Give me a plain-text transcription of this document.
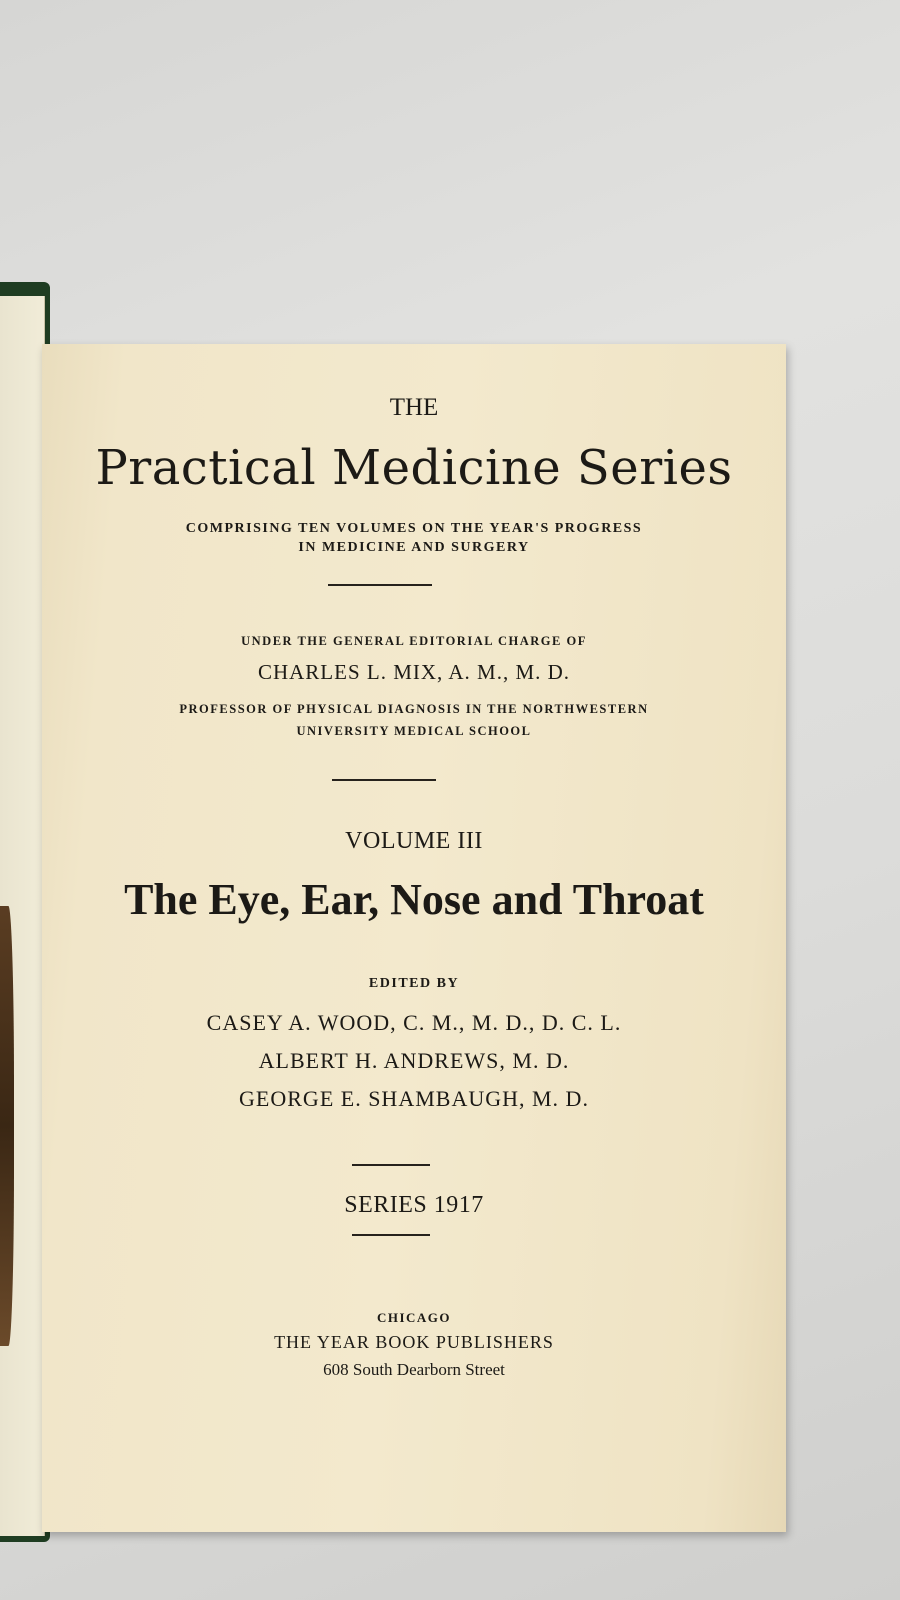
THE

Practical Medicine Series

COMPRISING TEN VOLUMES ON THE YEAR'S PROGRESS
IN MEDICINE AND SURGERY

UNDER THE GENERAL EDITORIAL CHARGE OF

CHARLES L. MIX, A. M., M. D.

PROFESSOR OF PHYSICAL DIAGNOSIS IN THE NORTHWESTERN
UNIVERSITY MEDICAL SCHOOL

VOLUME III

The Eye, Ear, Nose and Throat

EDITED BY

CASEY A. WOOD, C. M., M. D., D. C. L.

ALBERT H. ANDREWS, M. D.

GEORGE E. SHAMBAUGH, M. D.

SERIES 1917

CHICAGO

THE YEAR BOOK PUBLISHERS

608 South Dearborn Street
